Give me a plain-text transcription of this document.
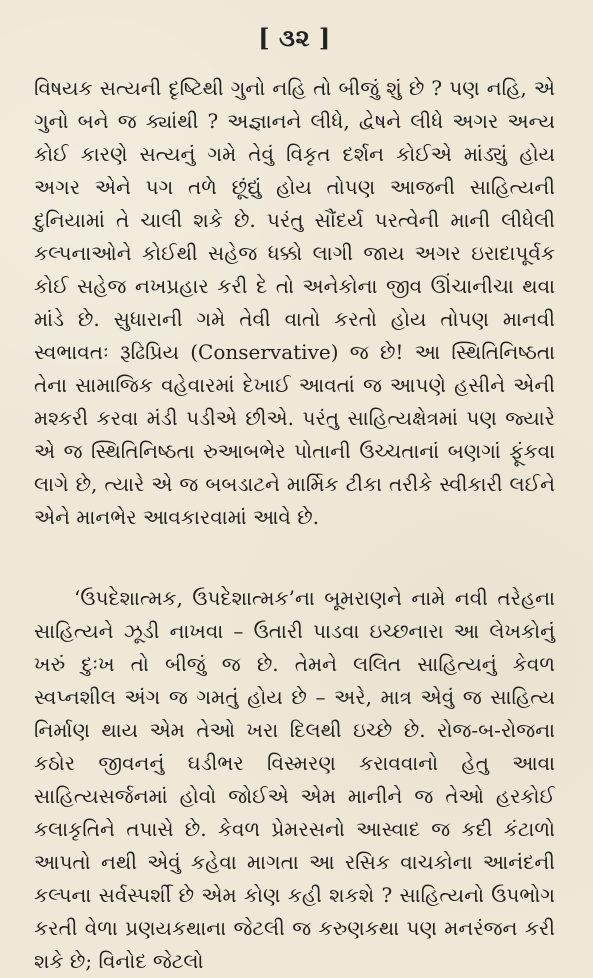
[ ૩૨ ]

વિષયક સત્યની દૃષ્ટિથી ગુનો નહિ તો બીજું શું છે ? પણ નહિ, એ ગુનો બને જ ક્યાંથી ? અજ્ઞાનને લીધે, દ્વેષને લીધે અગર અન્ય કોઈ કારણે સત્યનું ગમે તેવું વિકૃત દર્શન કોઈએ માંડ્યું હોય અગર એને પગ તળે છૂંદ્યું હોય તોપણ આજની સાહિત્યની દુનિયામાં તે ચાલી શકે છે. પરંતુ સૌંદર્ય પરત્વેની માની લીધેલી કલ્પનાઓને કોઈથી સહેજ ધક્કો લાગી જાય અગર ઇરાદાપૂર્વક કોઈ સહેજ નખપ્રહાર કરી દે તો અનેકોના જીવ ઊંચાનીચા થવા માંડે છે. સુધારાની ગમે તેવી વાતો કરતો હોય તોપણ માનવી સ્વભાવતઃ રૂઢિપ્રિય (Conservative) જ છે! આ સ્થિતિનિષ્ઠતા તેના સામાજિક વહેવારમાં દેખાઈ આવતાં જ આપણે હસીને એની મશ્કરી કરવા મંડી પડીએ છીએ. પરંતુ સાહિત્યક્ષેત્રમાં પણ જ્યારે એ જ સ્થિતિનિષ્ઠતા રુઆબભેર પોતાની ઉચ્ચતાનાં બણગાં ફૂંકવા લાગે છે, ત્યારે એ જ બબડાટને માર્મિક ટીકા તરીકે સ્વીકારી લઈને એને માનભેર આવકારવામાં આવે છે.

‘ઉપદેશાત્મક, ઉપદેશાત્મક’ના બૂમરાણને નામે નવી તરેહના સાહિત્યને ઝૂડી નાખવા – ઉતારી પાડવા ઇચ્છનારા આ લેખકોનું ખરું દુઃખ તો બીજું જ છે. તેમને લલિત સાહિત્યનું કેવળ સ્વપ્નશીલ અંગ જ ગમતું હોય છે – અરે, માત્ર એવું જ સાહિત્ય નિર્માણ થાય એમ તેઓ ખરા દિલથી ઇચ્છે છે. રોજ-બ-રોજના કઠોર જીવનનું ઘડીભર વિસ્મરણ કરાવવાનો હેતુ આવા સાહિત્યસર્જનમાં હોવો જોઈએ એમ માનીને જ તેઓ હરકોઈ કલાકૃતિને તપાસે છે. કેવળ પ્રેમરસનો આસ્વાદ જ કદી કંટાળો આપતો નથી એવું કહેવા માગતા આ રસિક વાચકોના આનંદની કલ્પના સર્વસ્પર્શી છે એમ કોણ કહી શકશે ? સાહિત્યનો ઉપભોગ કરતી વેળા પ્રણયકથાના જેટલી જ કરુણકથા પણ મનરંજન કરી શકે છે; વિનોદ જેટલો
